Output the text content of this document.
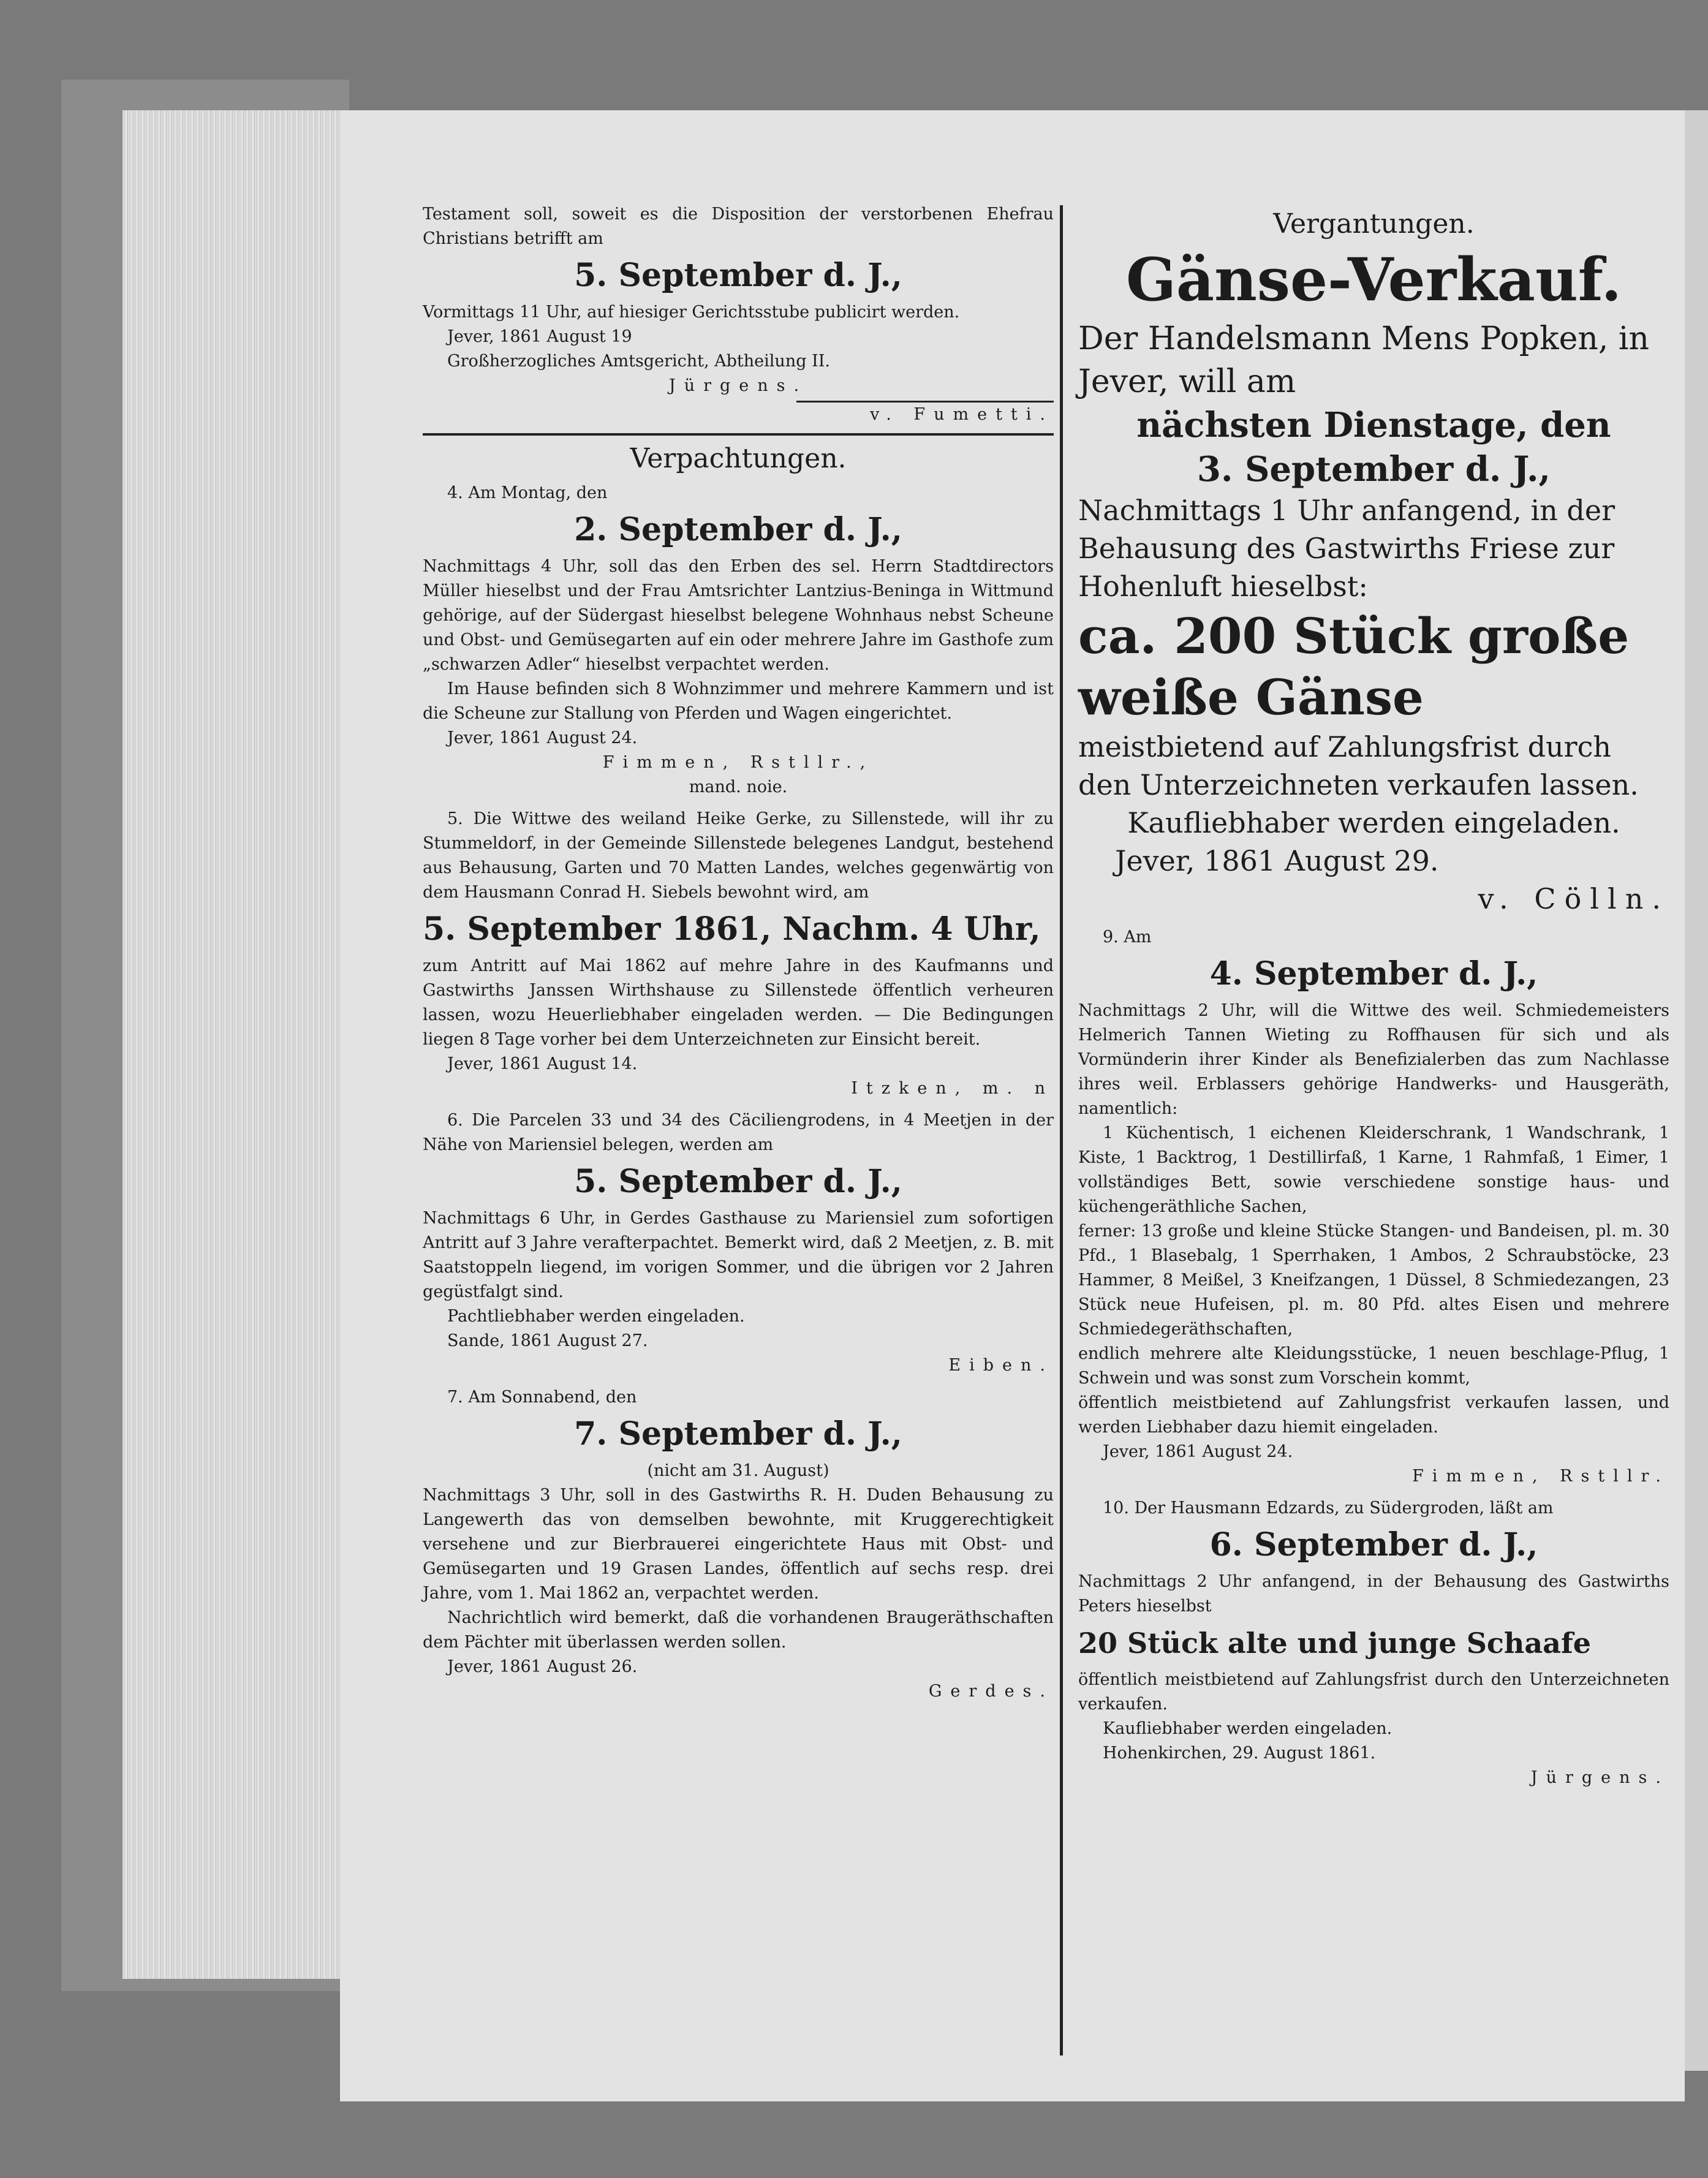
Testament soll, soweit es die Disposition der verstorbenen Ehefrau Christians betrifft am

5. September d. J.,

Vormittags 11 Uhr, auf hiesiger Gerichtsstube publicirt werden.

Jever, 1861 August 19

Großherzogliches Amtsgericht, Abtheilung II.

Jürgens.

v. Fumetti.

Verpachtungen.

4. Am Montag, den

2. September d. J.,

Nachmittags 4 Uhr, soll das den Erben des sel. Herrn Stadtdirectors Müller hieselbst und der Frau Amtsrichter Lantzius-Beninga in Wittmund gehörige, auf der Südergast hieselbst belegene Wohnhaus nebst Scheune und Obst- und Gemüsegarten auf ein oder mehrere Jahre im Gasthofe zum „schwarzen Adler“ hieselbst verpachtet werden.

Im Hause befinden sich 8 Wohnzimmer und mehrere Kammern und ist die Scheune zur Stallung von Pferden und Wagen eingerichtet.

Jever, 1861 August 24.

Fimmen, Rstllr.,

mand. noie.

5. Die Wittwe des weiland Heike Gerke, zu Sillenstede, will ihr zu Stummeldorf, in der Gemeinde Sillenstede belegenes Landgut, bestehend aus Behausung, Garten und 70 Matten Landes, welches gegenwärtig von dem Hausmann Conrad H. Siebels bewohnt wird, am

5. September 1861, Nachm. 4 Uhr,

zum Antritt auf Mai 1862 auf mehre Jahre in des Kaufmanns und Gastwirths Janssen Wirthshause zu Sillenstede öffentlich verheuren lassen, wozu Heuerliebhaber eingeladen werden. — Die Bedingungen liegen 8 Tage vorher bei dem Unterzeichneten zur Einsicht bereit.

Jever, 1861 August 14.

Itzken, m. n

6. Die Parcelen 33 und 34 des Cäciliengrodens, in 4 Meetjen in der Nähe von Mariensiel belegen, werden am

5. September d. J.,

Nachmittags 6 Uhr, in Gerdes Gasthause zu Mariensiel zum sofortigen Antritt auf 3 Jahre verafterpachtet. Bemerkt wird, daß 2 Meetjen, z. B. mit Saatstoppeln liegend, im vorigen Sommer, und die übrigen vor 2 Jahren gegüstfalgt sind.

Pachtliebhaber werden eingeladen.

Sande, 1861 August 27.

Eiben.

7. Am Sonnabend, den

7. September d. J.,

(nicht am 31. August)

Nachmittags 3 Uhr, soll in des Gastwirths R. H. Duden Behausung zu Langewerth das von demselben bewohnte, mit Kruggerechtigkeit versehene und zur Bierbrauerei eingerichtete Haus mit Obst- und Gemüsegarten und 19 Grasen Landes, öffentlich auf sechs resp. drei Jahre, vom 1. Mai 1862 an, verpachtet werden.

Nachrichtlich wird bemerkt, daß die vorhandenen Braugeräthschaften dem Pächter mit überlassen werden sollen.

Jever, 1861 August 26.

Gerdes.

Vergantungen.

Gänse-Verkauf.

Der Handelsmann Mens Popken, in Jever, will am

nächsten Dienstage, den

3. September d. J.,

Nachmittags 1 Uhr anfangend, in der Behausung des Gastwirths Friese zur Hohenluft hieselbst:

ca. 200 Stück große weiße Gänse

meistbietend auf Zahlungsfrist durch den Unterzeichneten verkaufen lassen.

Kaufliebhaber werden eingeladen.

Jever, 1861 August 29.

v. Cölln.

9. Am

4. September d. J.,

Nachmittags 2 Uhr, will die Wittwe des weil. Schmiedemeisters Helmerich Tannen Wieting zu Roffhausen für sich und als Vormünderin ihrer Kinder als Benefizialerben das zum Nachlasse ihres weil. Erblassers gehörige Handwerks- und Hausgeräth, namentlich:

1 Küchentisch, 1 eichenen Kleiderschrank, 1 Wandschrank, 1 Kiste, 1 Backtrog, 1 Destillirfaß, 1 Karne, 1 Rahmfaß, 1 Eimer, 1 vollständiges Bett, sowie verschiedene sonstige haus- und küchengeräthliche Sachen,

ferner: 13 große und kleine Stücke Stangen- und Bandeisen, pl. m. 30 Pfd., 1 Blasebalg, 1 Sperrhaken, 1 Ambos, 2 Schraubstöcke, 23 Hammer, 8 Meißel, 3 Kneifzangen, 1 Düssel, 8 Schmiedezangen, 23 Stück neue Hufeisen, pl. m. 80 Pfd. altes Eisen und mehrere Schmiedegeräthschaften,

endlich mehrere alte Kleidungsstücke, 1 neuen beschlage-Pflug, 1 Schwein und was sonst zum Vorschein kommt,

öffentlich meistbietend auf Zahlungsfrist verkaufen lassen, und werden Liebhaber dazu hiemit eingeladen.

Jever, 1861 August 24.

Fimmen, Rstllr.

10. Der Hausmann Edzards, zu Südergroden, läßt am

6. September d. J.,

Nachmittags 2 Uhr anfangend, in der Behausung des Gastwirths Peters hieselbst

20 Stück alte und junge Schaafe

öffentlich meistbietend auf Zahlungsfrist durch den Unterzeichneten verkaufen.

Kaufliebhaber werden eingeladen.

Hohenkirchen, 29. August 1861.

Jürgens.
